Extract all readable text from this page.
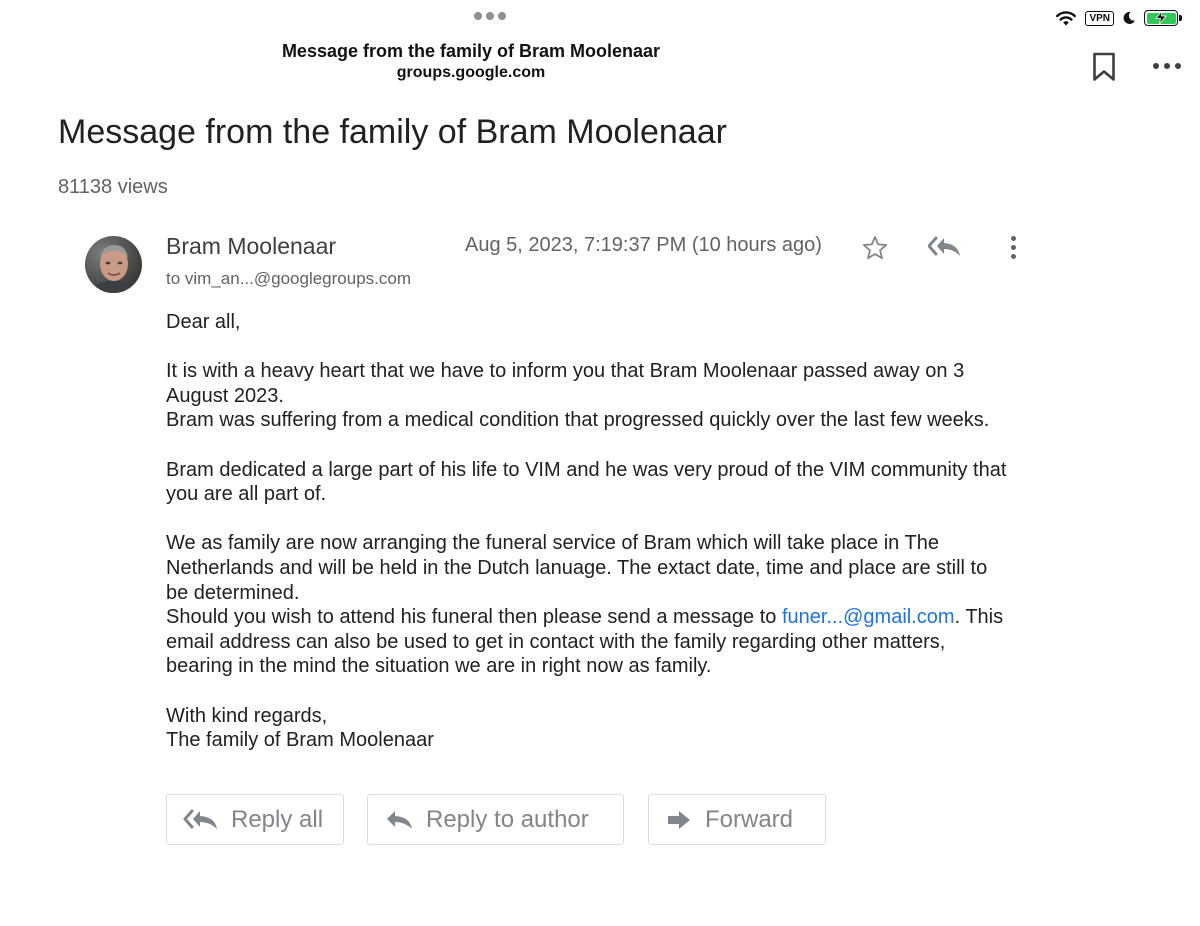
VPN
Message from the family of Bram Moolenaar
groups.google.com
Message from the family of Bram Moolenaar
81138 views
Bram Moolenaar
to vim_an...@googlegroups.com
Aug 5, 2023, 7:19:37 PM (10 hours ago)

Dear all,

It is with a heavy heart that we have to inform you that Bram Moolenaar passed away on 3
August 2023.
Bram was suffering from a medical condition that progressed quickly over the last few weeks.

Bram dedicated a large part of his life to VIM and he was very proud of the VIM community that
you are all part of.

We as family are now arranging the funeral service of Bram which will take place in The
Netherlands and will be held in the Dutch lanuage. The extact date, time and place are still to
be determined.
Should you wish to attend his funeral then please send a message to funer...@gmail.com. This
email address can also be used to get in contact with the family regarding other matters,
bearing in the mind the situation we are in right now as family.

With kind regards,
The family of Bram Moolenaar

Reply all	Reply to author	Forward
